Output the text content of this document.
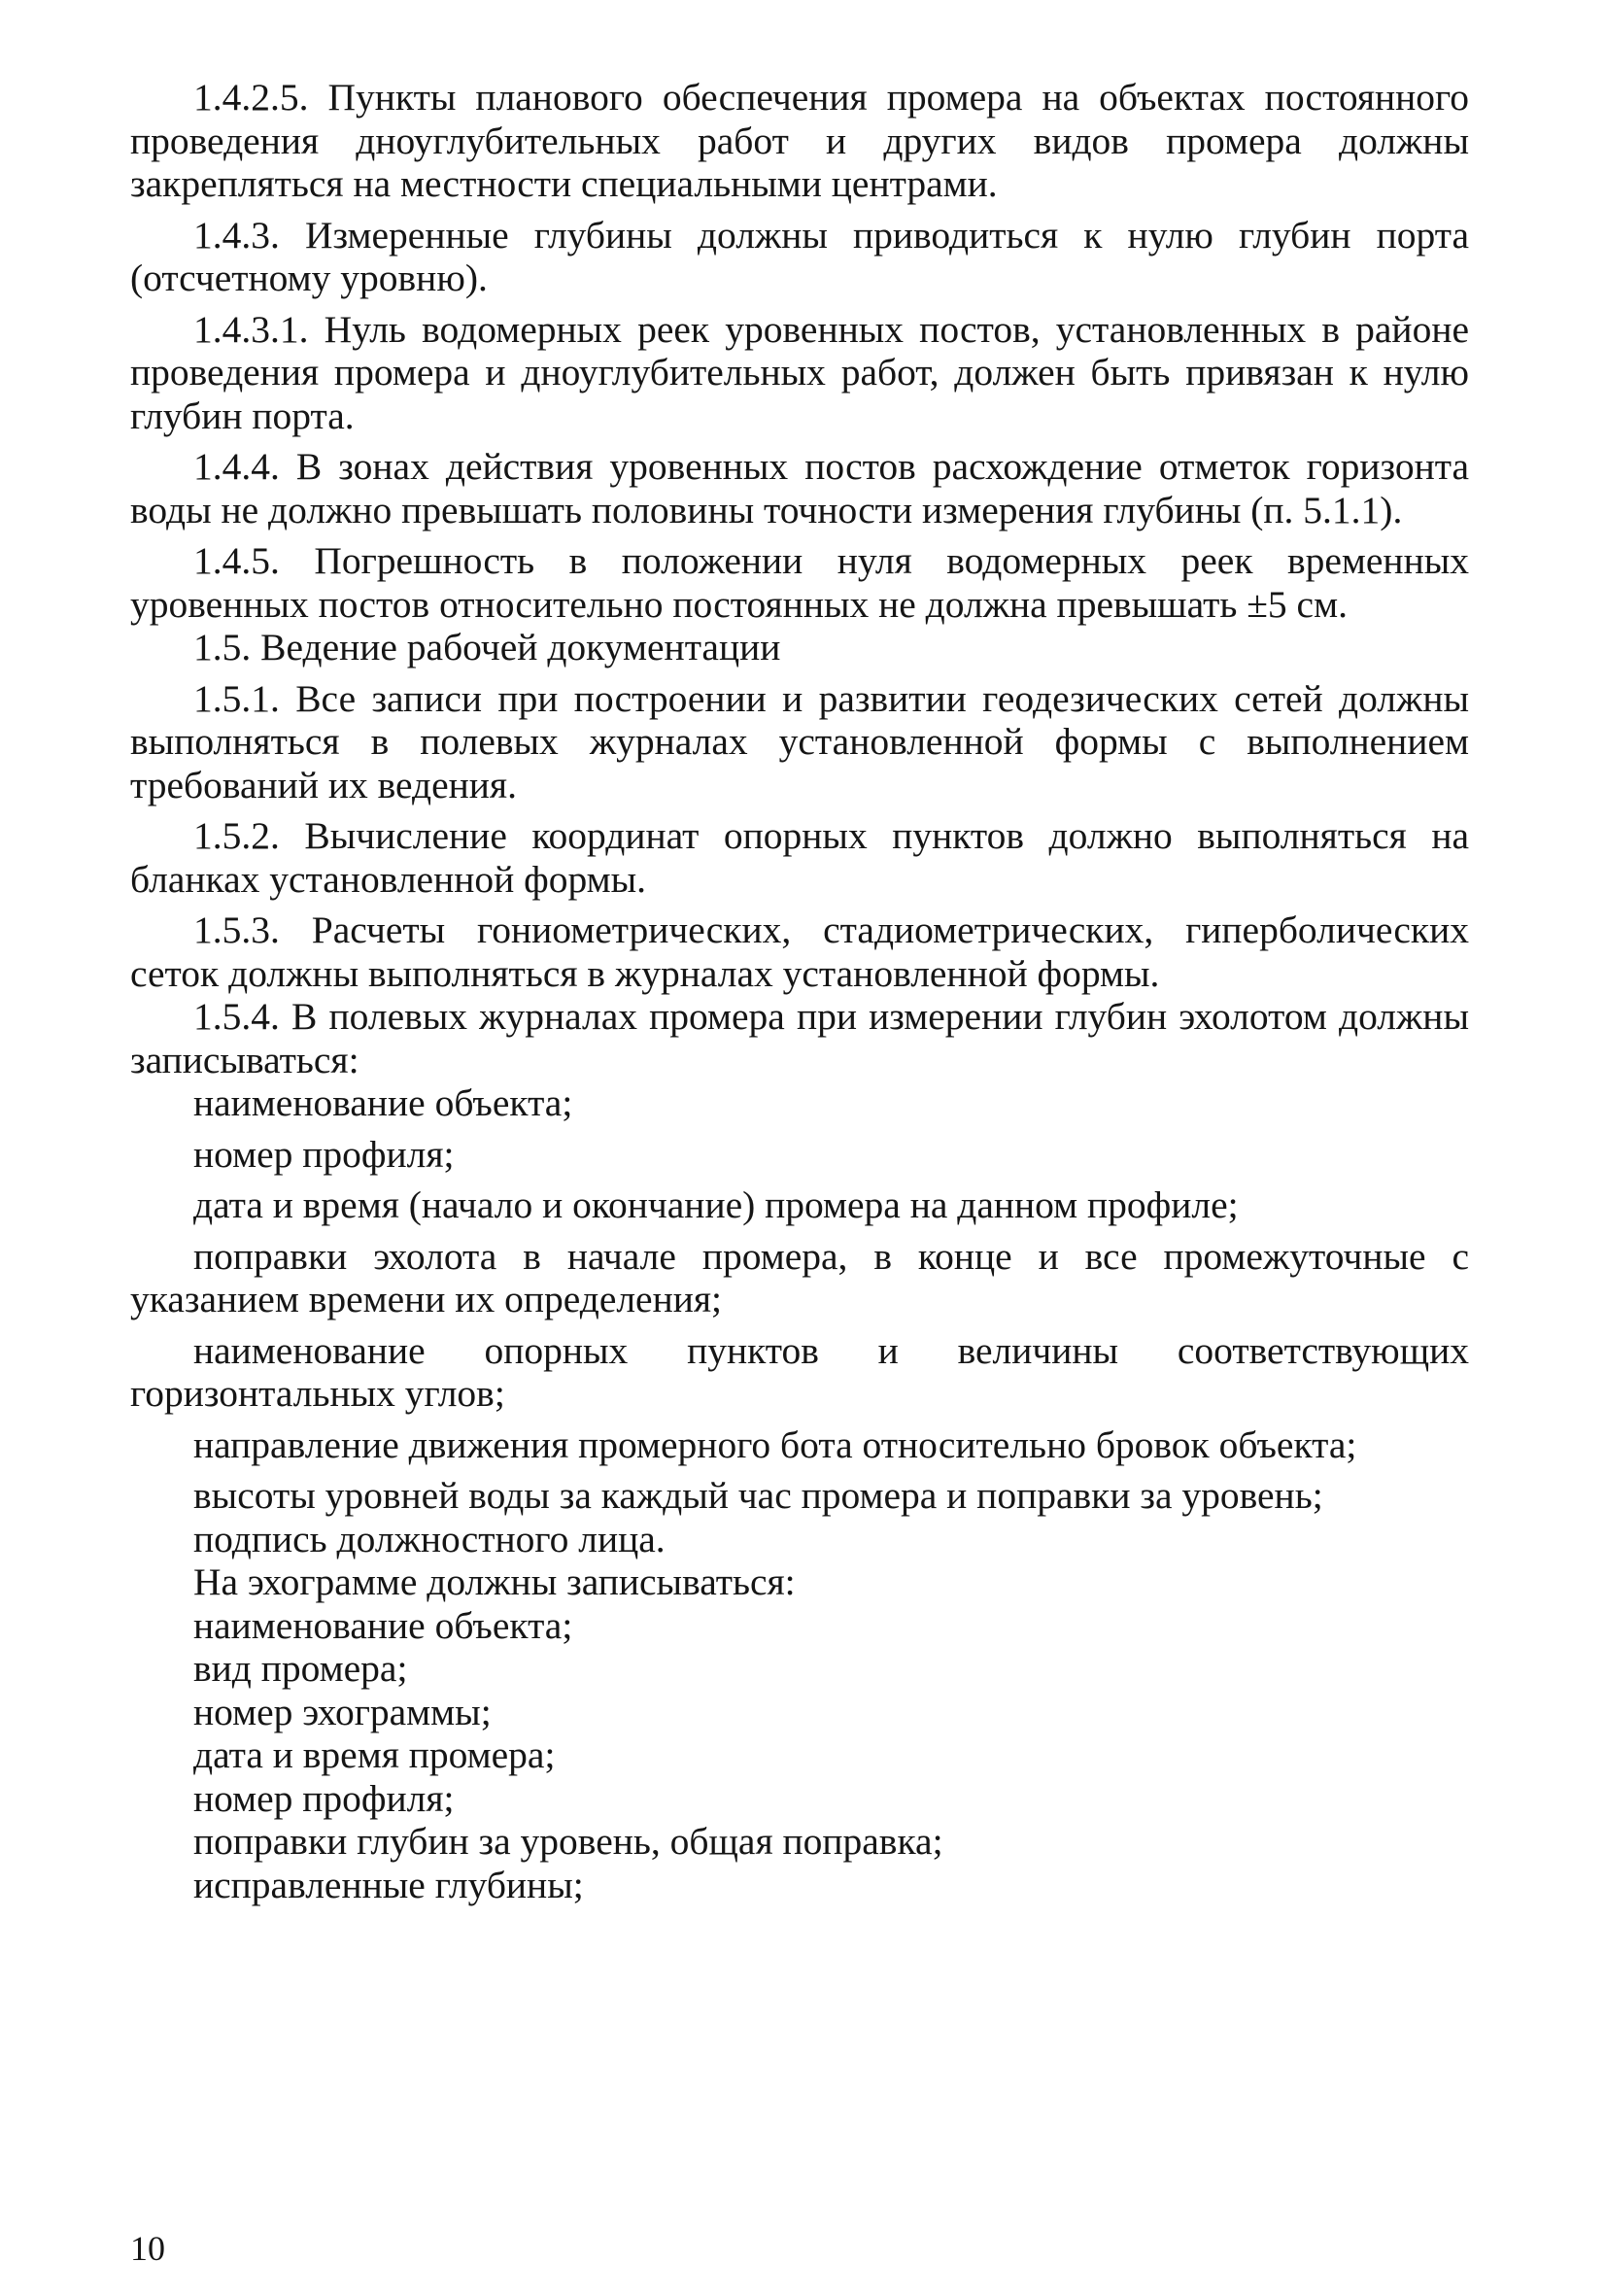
1.4.2.5. Пункты планового обеспечения промера на объектах постоянного проведения дноуглубительных работ и других видов промера должны закрепляться на местности специальными центрами.

1.4.3. Измеренные глубины должны приводиться к нулю глубин порта (отсчетному уровню).

1.4.3.1. Нуль водомерных реек уровенных постов, установленных в районе проведения промера и дноуглубительных работ, должен быть привязан к нулю глубин порта.

1.4.4. В зонах действия уровенных постов расхождение отметок горизонта воды не должно превышать половины точности измерения глубины (п. 5.1.1).

1.4.5. Погрешность в положении нуля водомерных реек временных уровенных постов относительно постоянных не должна превышать ±5 см.

1.5. Ведение рабочей документации

1.5.1. Все записи при построении и развитии геодезических сетей должны выполняться в полевых журналах установленной формы с выполнением требований их ведения.

1.5.2. Вычисление координат опорных пунктов должно выполняться на бланках установленной формы.

1.5.3. Расчеты гониометрических, стадиометрических, гиперболических сеток должны выполняться в журналах установленной формы.

1.5.4. В полевых журналах промера при измерении глубин эхолотом должны записываться:

наименование объекта;

номер профиля;

дата и время (начало и окончание) промера на данном профиле;

поправки эхолота в начале промера, в конце и все промежуточные с указанием времени их определения;

наименование опорных пунктов и величины соответствующих горизонтальных углов;

направление движения промерного бота относительно бровок объекта;

высоты уровней воды за каждый час промера и поправки за уровень;

подпись должностного лица.

На эхограмме должны записываться:

наименование объекта;

вид промера;

номер эхограммы;

дата и время промера;

номер профиля;

поправки глубин за уровень, общая поправка;

исправленные глубины;

10
